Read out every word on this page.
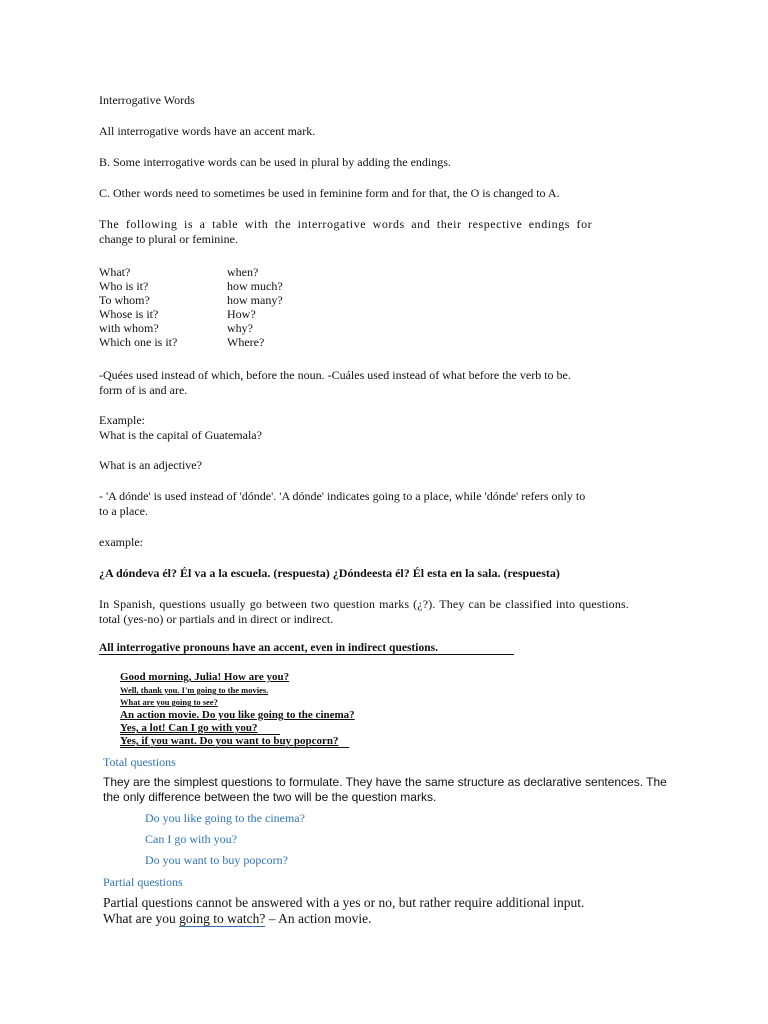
Interrogative Words

All interrogative words have an accent mark.

B. Some interrogative words can be used in plural by adding the endings.

C. Other words need to sometimes be used in feminine form and for that, the O is changed to A.

The following is a table with the interrogative words and their respective endings for

change to plural or feminine.

What?
Who is it?
To whom?
Whose is it?
with whom?
Which one is it?
when?
how much?
how many?
How?
why?
Where?

-Quées used instead of which, before the noun. -Cuáles used instead of what before the verb to be.

form of is and are.

Example:

What is the capital of Guatemala?

What is an adjective?

- 'A dónde' is used instead of 'dónde'. 'A dónde' indicates going to a place, while 'dónde' refers only to

to a place.

example:

¿A dóndeva él? Él va a la escuela. (respuesta) ¿Dóndeesta él? Él esta en la sala. (respuesta)

In Spanish, questions usually go between two question marks (¿?). They can be classified into questions.

total (yes-no) or partials and in direct or indirect.

All interrogative pronouns have an accent, even in indirect questions.

Good morning, Julia! How are you?

Well, thank you. I'm going to the movies.

What are you going to see?

An action movie. Do you like going to the cinema?

Yes, a lot! Can I go with you?

Yes, if you want. Do you want to buy popcorn?

Total questions

They are the simplest questions to formulate. They have the same structure as declarative sentences. The

the only difference between the two will be the question marks.

Do you like going to the cinema?

Can I go with you?

Do you want to buy popcorn?

Partial questions

Partial questions cannot be answered with a yes or no, but rather require additional input.

What are you going to watch? – An action movie.
